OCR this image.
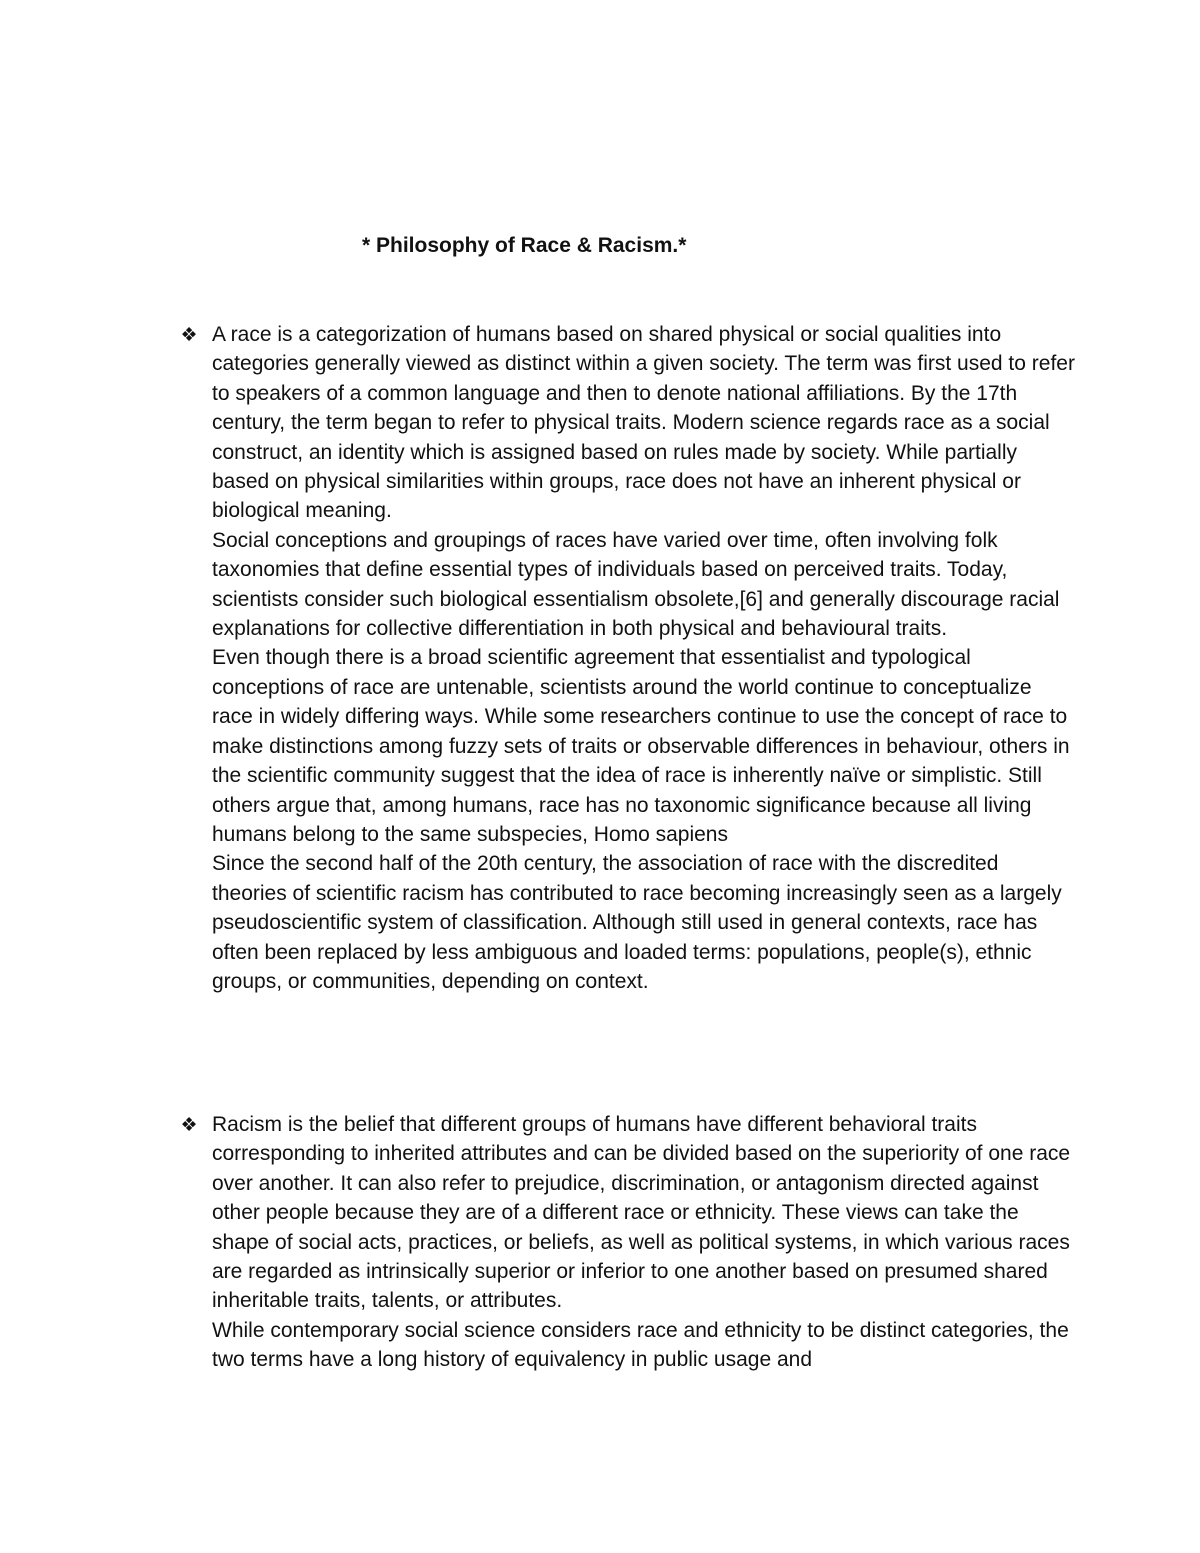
* Philosophy of Race & Racism.*
❖ A race is a categorization of humans based on shared physical or social qualities into categories generally viewed as distinct within a given society. The term was first used to refer to speakers of a common language and then to denote national affiliations. By the 17th century, the term began to refer to physical traits. Modern science regards race as a social construct, an identity which is assigned based on rules made by society. While partially based on physical similarities within groups, race does not have an inherent physical or biological meaning.

Social conceptions and groupings of races have varied over time, often involving folk taxonomies that define essential types of individuals based on perceived traits. Today, scientists consider such biological essentialism obsolete,[6] and generally discourage racial explanations for collective differentiation in both physical and behavioural traits.

Even though there is a broad scientific agreement that essentialist and typological conceptions of race are untenable, scientists around the world continue to conceptualize race in widely differing ways. While some researchers continue to use the concept of race to make distinctions among fuzzy sets of traits or observable differences in behaviour, others in the scientific community suggest that the idea of race is inherently naïve or simplistic. Still others argue that, among humans, race has no taxonomic significance because all living humans belong to the same subspecies, Homo sapiens

Since the second half of the 20th century, the association of race with the discredited theories of scientific racism has contributed to race becoming increasingly seen as a largely pseudoscientific system of classification. Although still used in general contexts, race has often been replaced by less ambiguous and loaded terms: populations, people(s), ethnic groups, or communities, depending on context.

❖ Racism is the belief that different groups of humans have different behavioral traits corresponding to inherited attributes and can be divided based on the superiority of one race over another. It can also refer to prejudice, discrimination, or antagonism directed against other people because they are of a different race or ethnicity. These views can take the shape of social acts, practices, or beliefs, as well as political systems, in which various races are regarded as intrinsically superior or inferior to one another based on presumed shared inheritable traits, talents, or attributes.

While contemporary social science considers race and ethnicity to be distinct categories, the two terms have a long history of equivalency in public usage and
